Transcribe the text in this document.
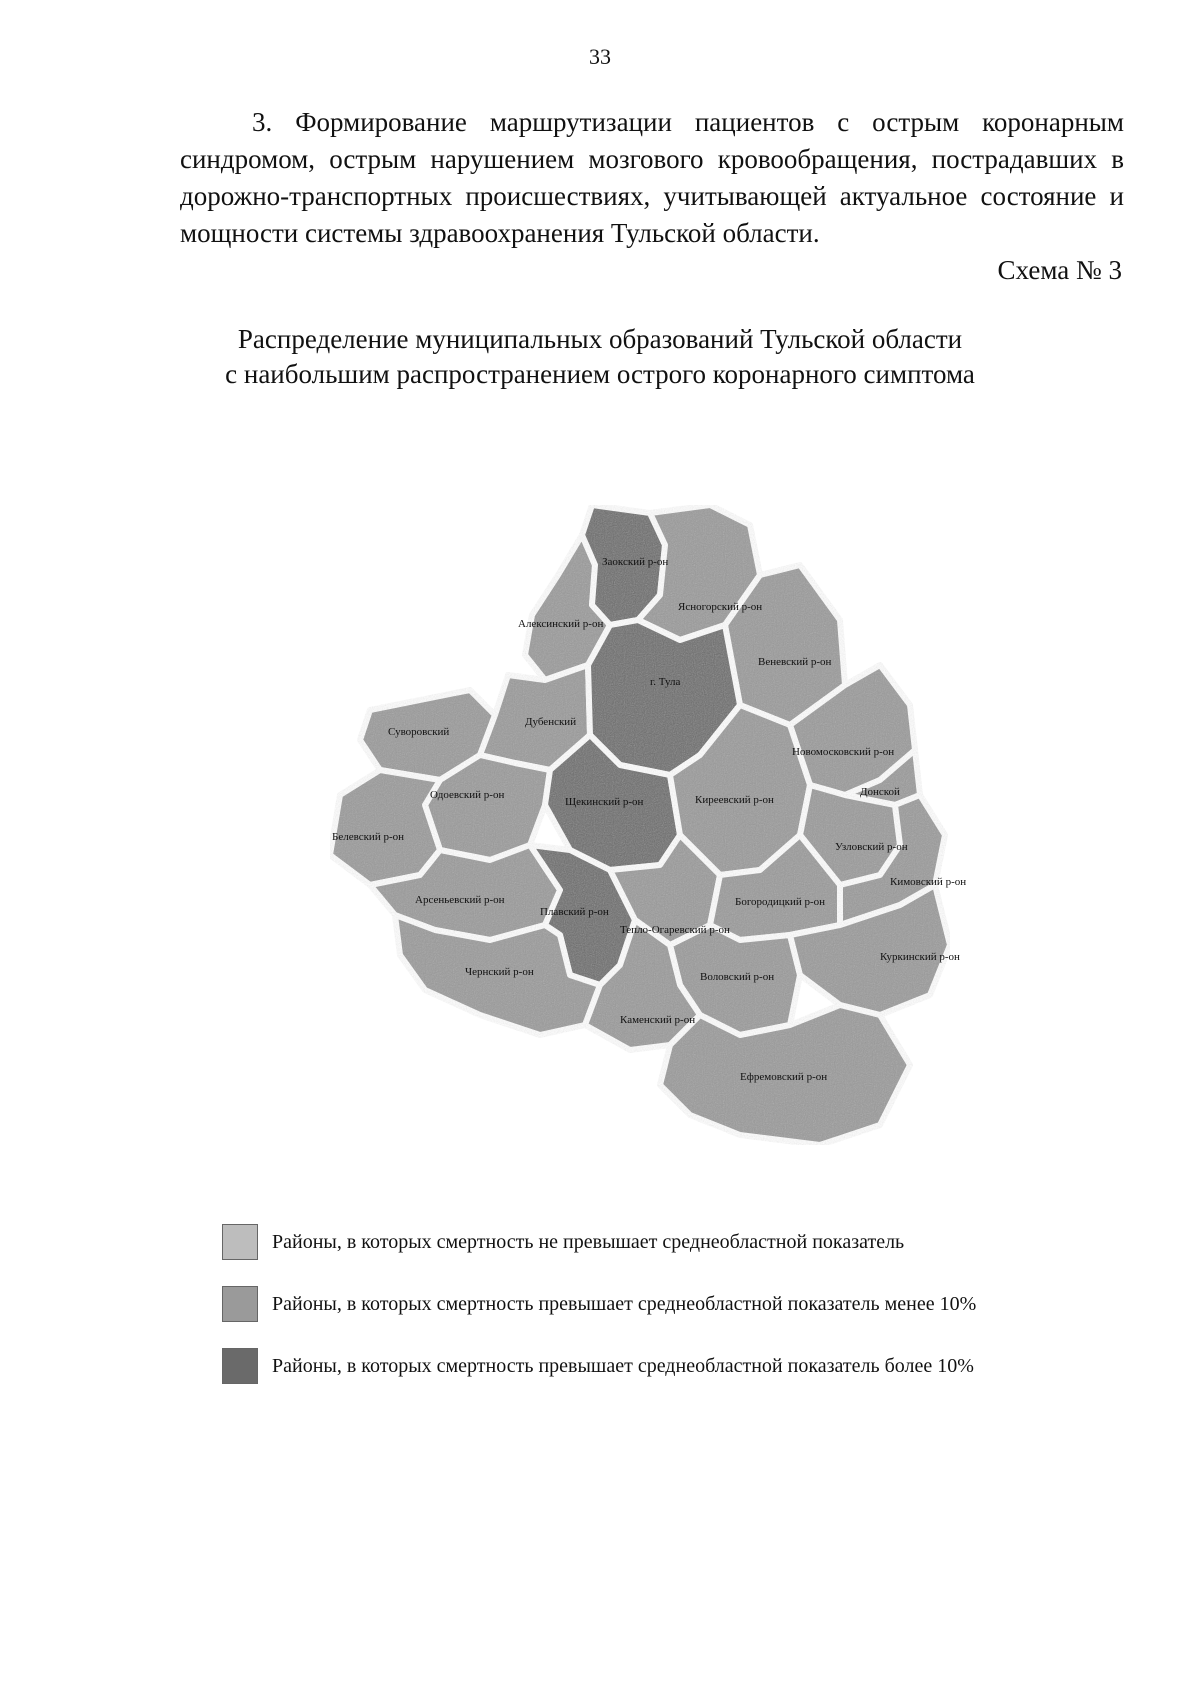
33
3. Формирование маршрутизации пациентов с острым коронарным синдромом, острым нарушением мозгового кровообращения, пострадавших в дорожно-транспортных происшествиях, учитывающей актуальное состояние и мощности системы здравоохранения Тульской области.
Схема № 3
Распределение муниципальных образований Тульской области
с наибольшим распространением острого коронарного симптома
Алексинский р-он
Заокский р-он
Ясногорский р-он
Веневский р-он
Суворовский
Дубенский
г. Тула
Новомосковский р-он
Донской
Одоевский р-он
Щекинский р-он	Киреевский р-он
Узловский р-он
Белевский р-он
Арсеньевский р-он
Плавский р-он
Тепло-Огаревский р-он
Богородицкий р-он
Кимовский р-он
Чернский р-он	Воловский р-он
Куркинский р-он
Каменский р-он
Ефремовский р-он
Районы, в которых смертность не превышает среднеобластной показатель
Районы, в которых смертность превышает среднеобластной показатель менее 10%
Районы, в которых смертность превышает среднеобластной показатель более 10%
